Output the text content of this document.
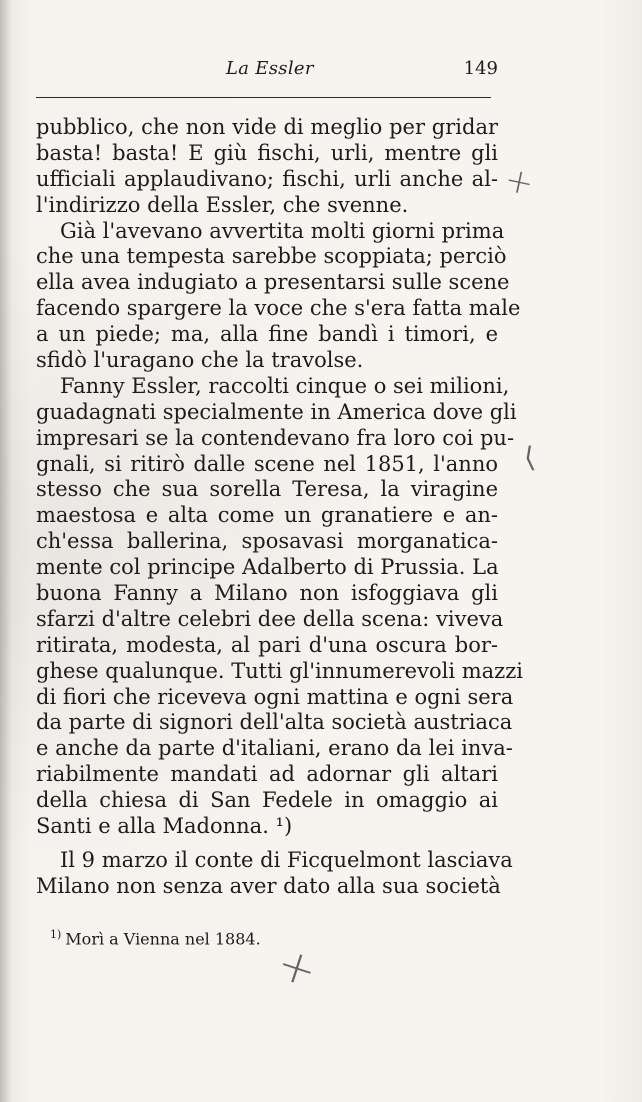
La Essler	149
pubblico, che non vide di meglio per gridar
basta! basta! E giù fischi, urli, mentre gli
ufficiali applaudivano; fischi, urli anche al-
l'indirizzo della Essler, che svenne.
Già l'avevano avvertita molti giorni prima
che una tempesta sarebbe scoppiata; perciò
ella avea indugiato a presentarsi sulle scene
facendo spargere la voce che s'era fatta male
a un piede; ma, alla fine bandì i timori, e
sfidò l'uragano che la travolse.
Fanny Essler, raccolti cinque o sei milioni,
guadagnati specialmente in America dove gli
impresari se la contendevano fra loro coi pu-
gnali, si ritirò dalle scene nel 1851, l'anno
stesso che sua sorella Teresa, la viragine
maestosa e alta come un granatiere e an-
ch'essa ballerina, sposavasi morganatica-
mente col principe Adalberto di Prussia. La
buona Fanny a Milano non isfoggiava gli
sfarzi d'altre celebri dee della scena: viveva
ritirata, modesta, al pari d'una oscura bor-
ghese qualunque. Tutti gl'innumerevoli mazzi
di fiori che riceveva ogni mattina e ogni sera
da parte di signori dell'alta società austriaca
e anche da parte d'italiani, erano da lei inva-
riabilmente mandati ad adornar gli altari
della chiesa di San Fedele in omaggio ai
Santi e alla Madonna. ¹)
Il 9 marzo il conte di Ficquelmont lasciava
Milano non senza aver dato alla sua società
$^{1)}$ Morì a Vienna nel 1884.
+
⟨
+
